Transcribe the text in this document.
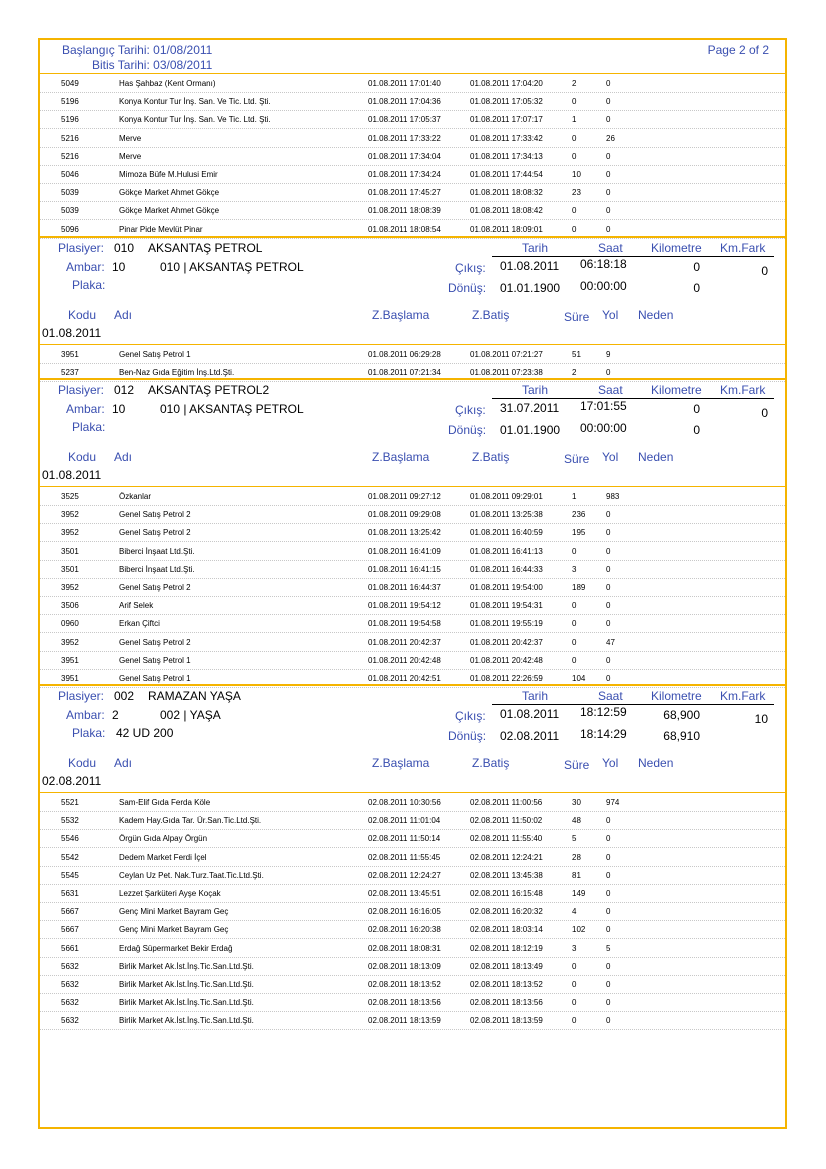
Başlangıç Tarihi: 01/08/2011
Bitis Tarihi: 03/08/2011
Page 2 of 2
5049	Has Şahbaz (Kent Ormanı)	01.08.2011 17:01:40	01.08.2011 17:04:20	2	0
5196	Konya Kontur Tur İnş. San. Ve Tic. Ltd. Şti.	01.08.2011 17:04:36	01.08.2011 17:05:32	0	0
5196	Konya Kontur Tur İnş. San. Ve Tic. Ltd. Şti.	01.08.2011 17:05:37	01.08.2011 17:07:17	1	0
5216	Merve	01.08.2011 17:33:22	01.08.2011 17:33:42	0	26
5216	Merve	01.08.2011 17:34:04	01.08.2011 17:34:13	0	0
5046	Mimoza Büfe M.Hulusi Emir	01.08.2011 17:34:24	01.08.2011 17:44:54	10	0
5039	Gökçe Market Ahmet Gökçe	01.08.2011 17:45:27	01.08.2011 18:08:32	23	0
5039	Gökçe Market Ahmet Gökçe	01.08.2011 18:08:39	01.08.2011 18:08:42	0	0
5096	Pinar Pide Mevlüt Pinar	01.08.2011 18:08:54	01.08.2011 18:09:01	0	0
Plasiyer: 010 AKSANTAŞ PETROL
Ambar: 10	010 | AKSANTAŞ PETROL
Plaka:
Tarih	Saat Kilometre Km.Fark
Çıkış: 01.08.2011 06:18:18	0	0
Dönüş: 01.01.1900 00:00:00	0
Kodu Adı	Z.Başlama	Z.Batiş	Süre Yol Neden
01.08.2011
3951	Genel Satış Petrol 1	01.08.2011 06:29:28	01.08.2011 07:21:27	51	9
5237	Ben-Naz Gıda Eğitim İnş.Ltd.Şti.	01.08.2011 07:21:34	01.08.2011 07:23:38	2	0
Plasiyer: 012 AKSANTAŞ PETROL2
Ambar: 10	010 | AKSANTAŞ PETROL
Plaka:
Tarih	Saat Kilometre Km.Fark
Çıkış: 31.07.2011 17:01:55	0	0
Dönüş: 01.01.1900 00:00:00	0
Kodu Adı	Z.Başlama	Z.Batiş	Süre Yol Neden
01.08.2011
3525	Özkanlar	01.08.2011 09:27:12	01.08.2011 09:29:01	1	983
3952	Genel Satış Petrol 2	01.08.2011 09:29:08	01.08.2011 13:25:38	236	0
3952	Genel Satış Petrol 2	01.08.2011 13:25:42	01.08.2011 16:40:59	195	0
3501	Biberci İnşaat Ltd.Şti.	01.08.2011 16:41:09	01.08.2011 16:41:13	0	0
3501	Biberci İnşaat Ltd.Şti.	01.08.2011 16:41:15	01.08.2011 16:44:33	3	0
3952	Genel Satış Petrol 2	01.08.2011 16:44:37	01.08.2011 19:54:00	189	0
3506	Arif Selek	01.08.2011 19:54:12	01.08.2011 19:54:31	0	0
0960	Erkan Çiftci	01.08.2011 19:54:58	01.08.2011 19:55:19	0	0
3952	Genel Satış Petrol 2	01.08.2011 20:42:37	01.08.2011 20:42:37	0	47
3951	Genel Satış Petrol 1	01.08.2011 20:42:48	01.08.2011 20:42:48	0	0
3951	Genel Satış Petrol 1	01.08.2011 20:42:51	01.08.2011 22:26:59	104	0
Plasiyer: 002 RAMAZAN YAŞA
Ambar: 2	002 | YAŞA
Plaka: 42 UD 200
Tarih	Saat Kilometre Km.Fark
Çıkış: 01.08.2011 18:12:59	68,900	10
Dönüş: 02.08.2011 18:14:29	68,910
Kodu Adı	Z.Başlama	Z.Batiş	Süre Yol Neden
02.08.2011
5521	Sam-Elif Gıda Ferda Köle	02.08.2011 10:30:56	02.08.2011 11:00:56	30	974
5532	Kadem Hay.Gıda Tar. Ür.San.Tic.Ltd.Şti.	02.08.2011 11:01:04	02.08.2011 11:50:02	48	0
5546	Örgün Gıda Alpay Örgün	02.08.2011 11:50:14	02.08.2011 11:55:40	5	0
5542	Dedem Market Ferdi İçel	02.08.2011 11:55:45	02.08.2011 12:24:21	28	0
5545	Ceylan Uz Pet. Nak.Turz.Taat.Tic.Ltd.Şti.	02.08.2011 12:24:27	02.08.2011 13:45:38	81	0
5631	Lezzet Şarküteri Ayşe Koçak	02.08.2011 13:45:51	02.08.2011 16:15:48	149	0
5667	Genç Mini Market Bayram Geç	02.08.2011 16:16:05	02.08.2011 16:20:32	4	0
5667	Genç Mini Market Bayram Geç	02.08.2011 16:20:38	02.08.2011 18:03:14	102	0
5661	Erdağ Süpermarket Bekir Erdağ	02.08.2011 18:08:31	02.08.2011 18:12:19	3	5
5632	Birlik Market Ak.İst.İnş.Tic.San.Ltd.Şti.	02.08.2011 18:13:09	02.08.2011 18:13:49	0	0
5632	Birlik Market Ak.İst.İnş.Tic.San.Ltd.Şti.	02.08.2011 18:13:52	02.08.2011 18:13:52	0	0
5632	Birlik Market Ak.İst.İnş.Tic.San.Ltd.Şti.	02.08.2011 18:13:56	02.08.2011 18:13:56	0	0
5632	Birlik Market Ak.İst.İnş.Tic.San.Ltd.Şti.	02.08.2011 18:13:59	02.08.2011 18:13:59	0	0
